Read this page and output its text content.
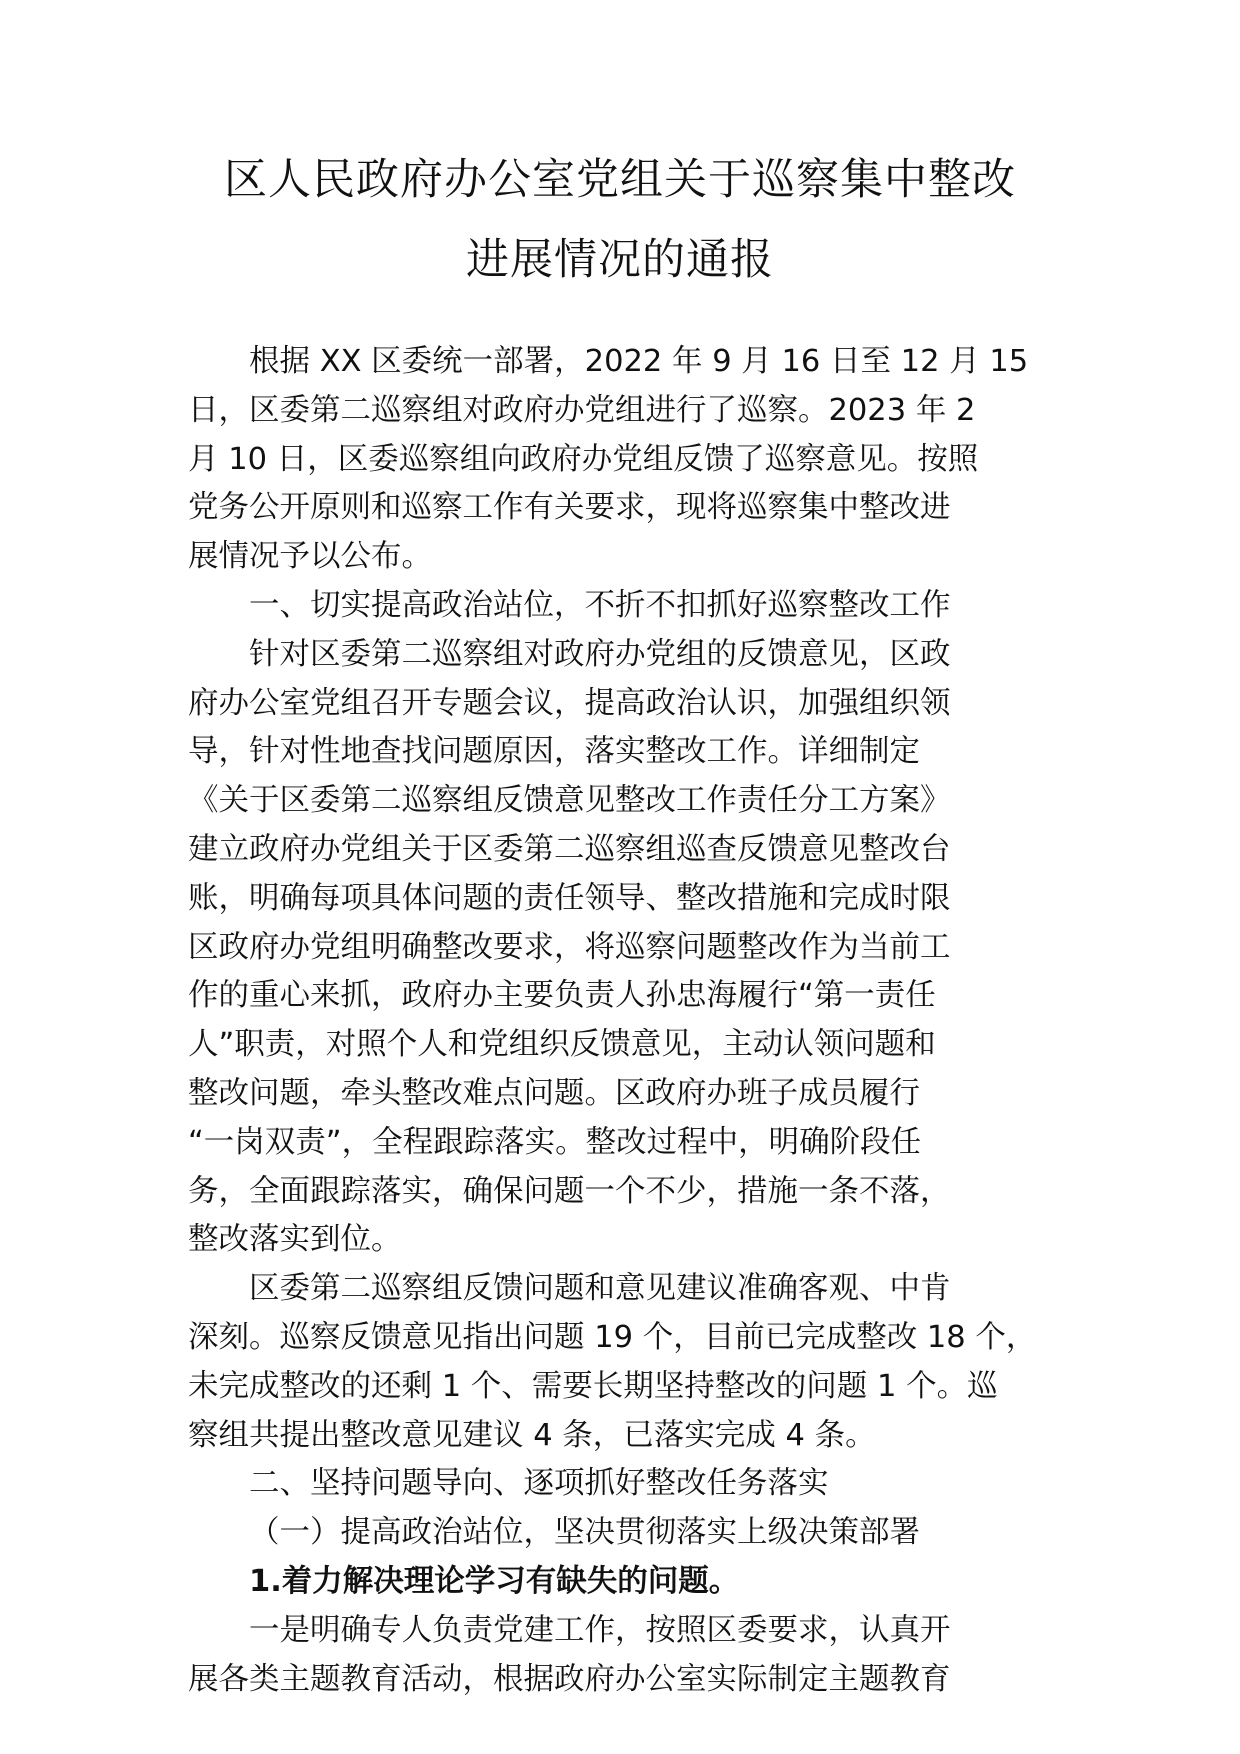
区人民政府办公室党组关于巡察集中整改
进展情况的通报
根据 XX 区委统一部署，2022 年 9 月 16 日至 12 月 15
日，区委第二巡察组对政府办党组进行了巡察。2023 年 2
月 10 日，区委巡察组向政府办党组反馈了巡察意见。按照
党务公开原则和巡察工作有关要求，现将巡察集中整改进
展情况予以公布。
一、切实提高政治站位，不折不扣抓好巡察整改工作
针对区委第二巡察组对政府办党组的反馈意见，区政
府办公室党组召开专题会议，提高政治认识，加强组织领
导，针对性地查找问题原因，落实整改工作。详细制定
《关于区委第二巡察组反馈意见整改工作责任分工方案》
建立政府办党组关于区委第二巡察组巡查反馈意见整改台
账，明确每项具体问题的责任领导、整改措施和完成时限
区政府办党组明确整改要求，将巡察问题整改作为当前工
作的重心来抓，政府办主要负责人孙忠海履行“第一责任
人”职责，对照个人和党组织反馈意见，主动认领问题和
整改问题，牵头整改难点问题。区政府办班子成员履行
“一岗双责”，全程跟踪落实。整改过程中，明确阶段任
务，全面跟踪落实，确保问题一个不少，措施一条不落，
整改落实到位。
区委第二巡察组反馈问题和意见建议准确客观、中肯
深刻。巡察反馈意见指出问题 19 个，目前已完成整改 18 个，
未完成整改的还剩 1 个、需要长期坚持整改的问题 1 个。巡
察组共提出整改意见建议 4 条，已落实完成 4 条。
二、坚持问题导向、逐项抓好整改任务落实
（一）提高政治站位，坚决贯彻落实上级决策部署
1.着力解决理论学习有缺失的问题。
一是明确专人负责党建工作，按照区委要求，认真开
展各类主题教育活动，根据政府办公室实际制定主题教育
